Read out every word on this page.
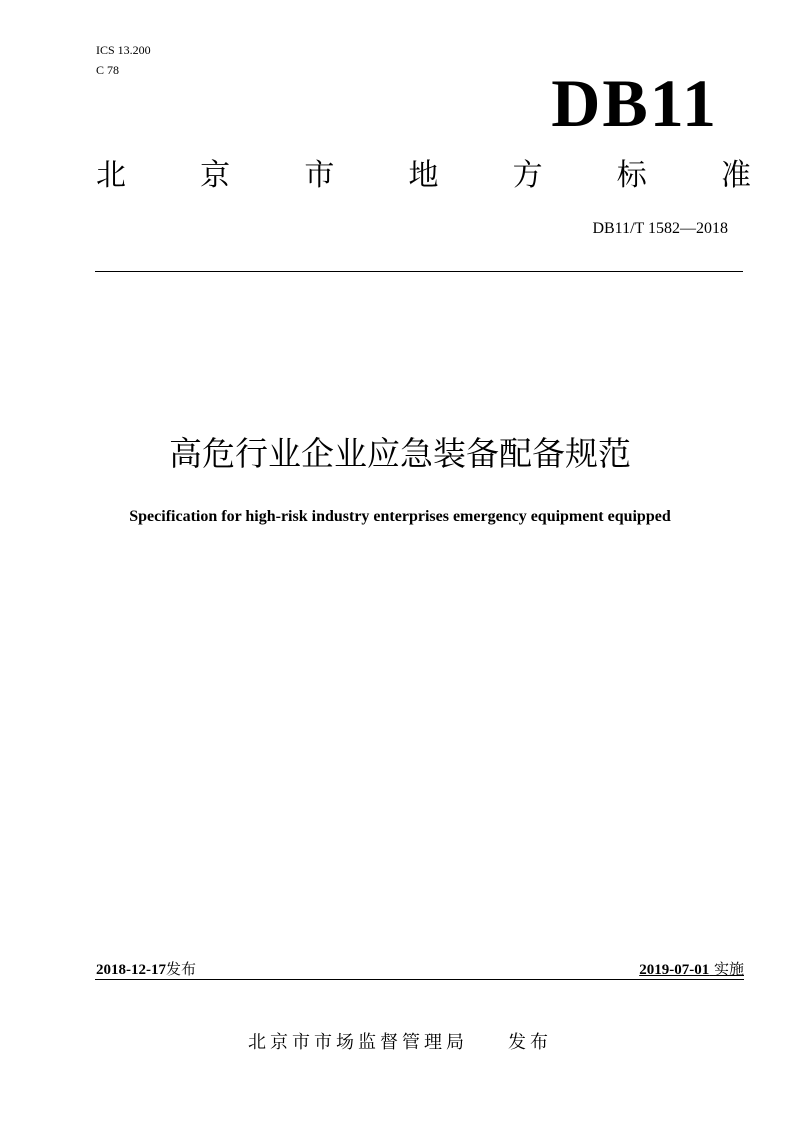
ICS 13.200
C 78	DB11
北 京 市 地 方 标 准
DB11/T 1582—2018
高危行业企业应急装备配备规范
Specification for high-risk industry enterprises emergency equipment equipped
2018-12-17发布	2019-07-01 实施
北京市市场监督管理局 发布
